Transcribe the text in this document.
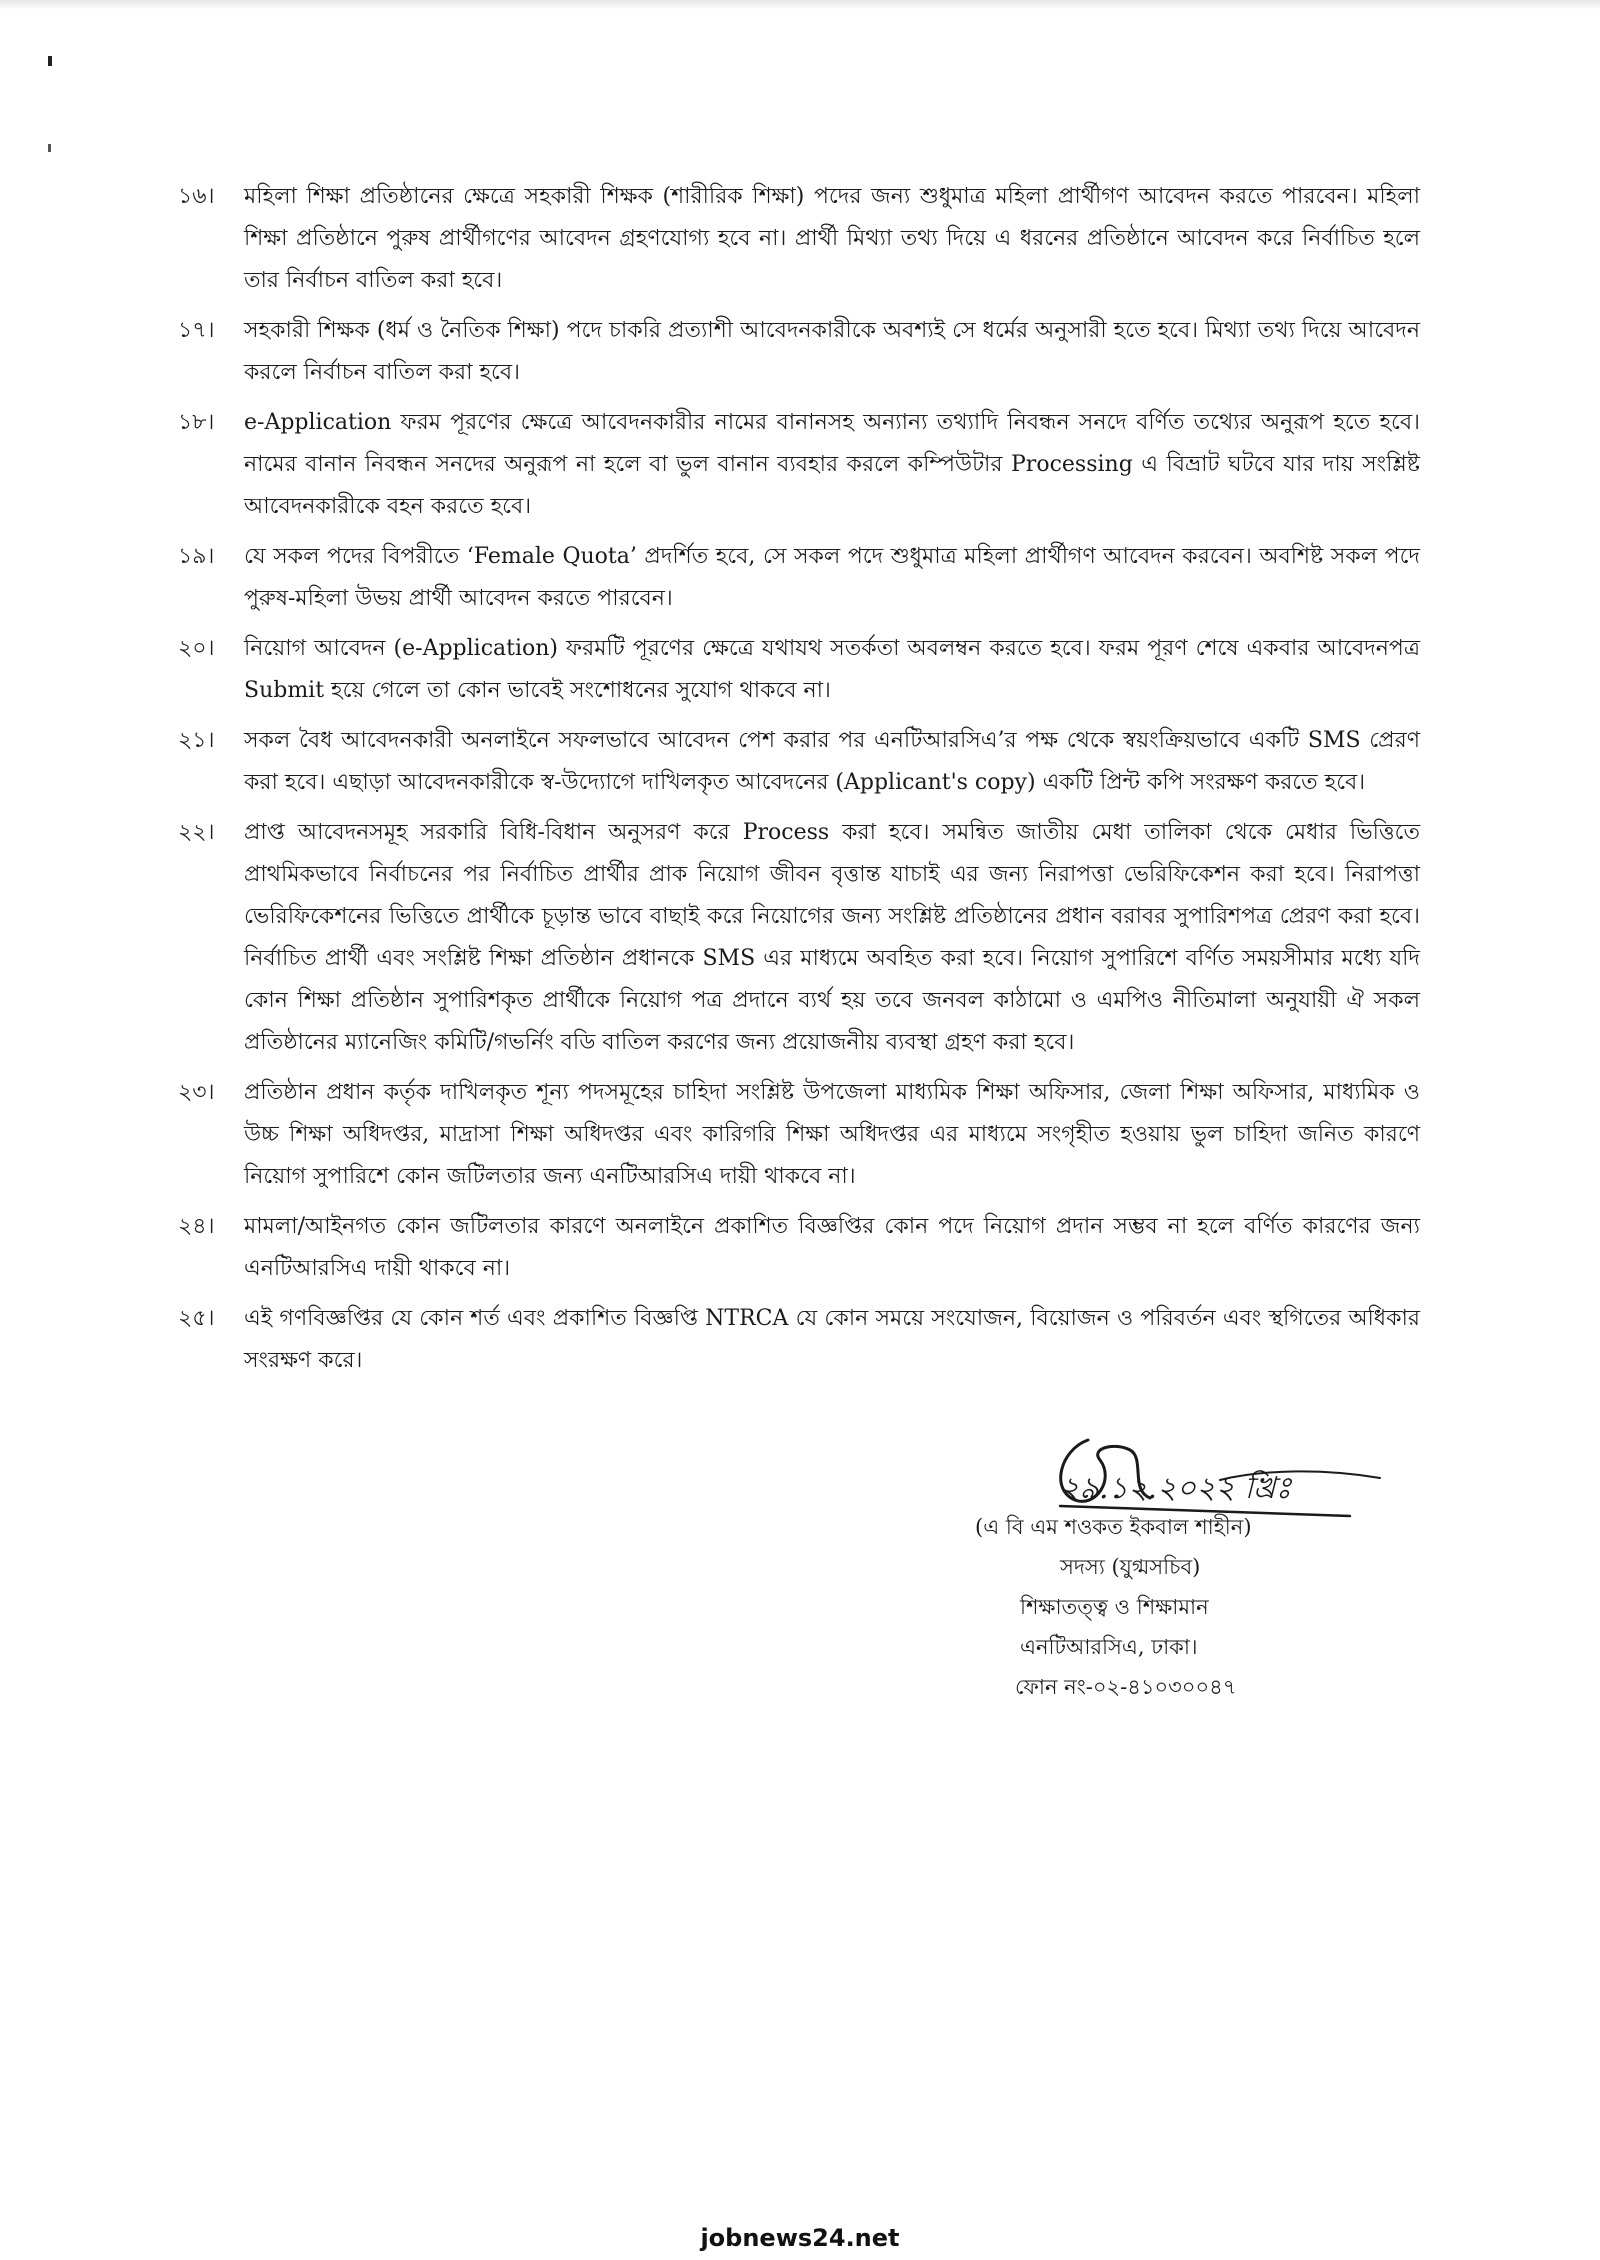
১৬।	মহিলা শিক্ষা প্রতিষ্ঠানের ক্ষেত্রে সহকারী শিক্ষক (শারীরিক শিক্ষা) পদের জন্য শুধুমাত্র মহিলা প্রার্থীগণ আবেদন করতে পারবেন। মহিলা শিক্ষা প্রতিষ্ঠানে পুরুষ প্রার্থীগণের আবেদন গ্রহণযোগ্য হবে না। প্রার্থী মিথ্যা তথ্য দিয়ে এ ধরনের প্রতিষ্ঠানে আবেদন করে নির্বাচিত হলে তার নির্বাচন বাতিল করা হবে।
১৭।	সহকারী শিক্ষক (ধর্ম ও নৈতিক শিক্ষা) পদে চাকরি প্রত্যাশী আবেদনকারীকে অবশ্যই সে ধর্মের অনুসারী হতে হবে। মিথ্যা তথ্য দিয়ে আবেদন করলে নির্বাচন বাতিল করা হবে।
১৮।	e-Application ফরম পূরণের ক্ষেত্রে আবেদনকারীর নামের বানানসহ অন্যান্য তথ্যাদি নিবন্ধন সনদে বর্ণিত তথ্যের অনুরূপ হতে হবে। নামের বানান নিবন্ধন সনদের অনুরূপ না হলে বা ভুল বানান ব্যবহার করলে কম্পিউটার Processing এ বিভ্রাট ঘটবে যার দায় সংশ্লিষ্ট আবেদনকারীকে বহন করতে হবে।
১৯।	যে সকল পদের বিপরীতে ‘Female Quota’ প্রদর্শিত হবে, সে সকল পদে শুধুমাত্র মহিলা প্রার্থীগণ আবেদন করবেন। অবশিষ্ট সকল পদে পুরুষ-মহিলা উভয় প্রার্থী আবেদন করতে পারবেন।
২০।	নিয়োগ আবেদন (e-Application) ফরমটি পূরণের ক্ষেত্রে যথাযথ সতর্কতা অবলম্বন করতে হবে। ফরম পূরণ শেষে একবার আবেদনপত্র Submit হয়ে গেলে তা কোন ভাবেই সংশোধনের সুযোগ থাকবে না।
২১।	সকল বৈধ আবেদনকারী অনলাইনে সফলভাবে আবেদন পেশ করার পর এনটিআরসিএ’র পক্ষ থেকে স্বয়ংক্রিয়ভাবে একটি SMS প্রেরণ করা হবে। এছাড়া আবেদনকারীকে স্ব-উদ্যোগে দাখিলকৃত আবেদনের (Applicant's copy) একটি প্রিন্ট কপি সংরক্ষণ করতে হবে।
২২।	প্রাপ্ত আবেদনসমূহ সরকারি বিধি-বিধান অনুসরণ করে Process করা হবে। সমন্বিত জাতীয় মেধা তালিকা থেকে মেধার ভিত্তিতে প্রাথমিকভাবে নির্বাচনের পর নির্বাচিত প্রার্থীর প্রাক নিয়োগ জীবন বৃত্তান্ত যাচাই এর জন্য নিরাপত্তা ভেরিফিকেশন করা হবে। নিরাপত্তা ভেরিফিকেশনের ভিত্তিতে প্রার্থীকে চূড়ান্ত ভাবে বাছাই করে নিয়োগের জন্য সংশ্লিষ্ট প্রতিষ্ঠানের প্রধান বরাবর সুপারিশপত্র প্রেরণ করা হবে। নির্বাচিত প্রার্থী এবং সংশ্লিষ্ট শিক্ষা প্রতিষ্ঠান প্রধানকে SMS এর মাধ্যমে অবহিত করা হবে। নিয়োগ সুপারিশে বর্ণিত সময়সীমার মধ্যে যদি কোন শিক্ষা প্রতিষ্ঠান সুপারিশকৃত প্রার্থীকে নিয়োগ পত্র প্রদানে ব্যর্থ হয় তবে জনবল কাঠামো ও এমপিও নীতিমালা অনুযায়ী ঐ সকল প্রতিষ্ঠানের ম্যানেজিং কমিটি/গভর্নিং বডি বাতিল করণের জন্য প্রয়োজনীয় ব্যবস্থা গ্রহণ করা হবে।
২৩।	প্রতিষ্ঠান প্রধান কর্তৃক দাখিলকৃত শূন্য পদসমূহের চাহিদা সংশ্লিষ্ট উপজেলা মাধ্যমিক শিক্ষা অফিসার, জেলা শিক্ষা অফিসার, মাধ্যমিক ও উচ্চ শিক্ষা অধিদপ্তর, মাদ্রাসা শিক্ষা অধিদপ্তর এবং কারিগরি শিক্ষা অধিদপ্তর এর মাধ্যমে সংগৃহীত হওয়ায় ভুল চাহিদা জনিত কারণে নিয়োগ সুপারিশে কোন জটিলতার জন্য এনটিআরসিএ দায়ী থাকবে না।
২৪।	মামলা/আইনগত কোন জটিলতার কারণে অনলাইনে প্রকাশিত বিজ্ঞপ্তির কোন পদে নিয়োগ প্রদান সম্ভব না হলে বর্ণিত কারণের জন্য এনটিআরসিএ দায়ী থাকবে না।
২৫।	এই গণবিজ্ঞপ্তির যে কোন শর্ত এবং প্রকাশিত বিজ্ঞপ্তি NTRCA যে কোন সময়ে সংযোজন, বিয়োজন ও পরিবর্তন এবং স্থগিতের অধিকার সংরক্ষণ করে।
২৯.১২.২০২২ খ্রিঃ
(এ বি এম শওকত ইকবাল শাহীন)
সদস্য (যুগ্মসচিব)
শিক্ষাতত্ত্ব ও শিক্ষামান
এনটিআরসিএ, ঢাকা।
ফোন নং-০২-৪১০৩০০৪৭
jobnews24.net
